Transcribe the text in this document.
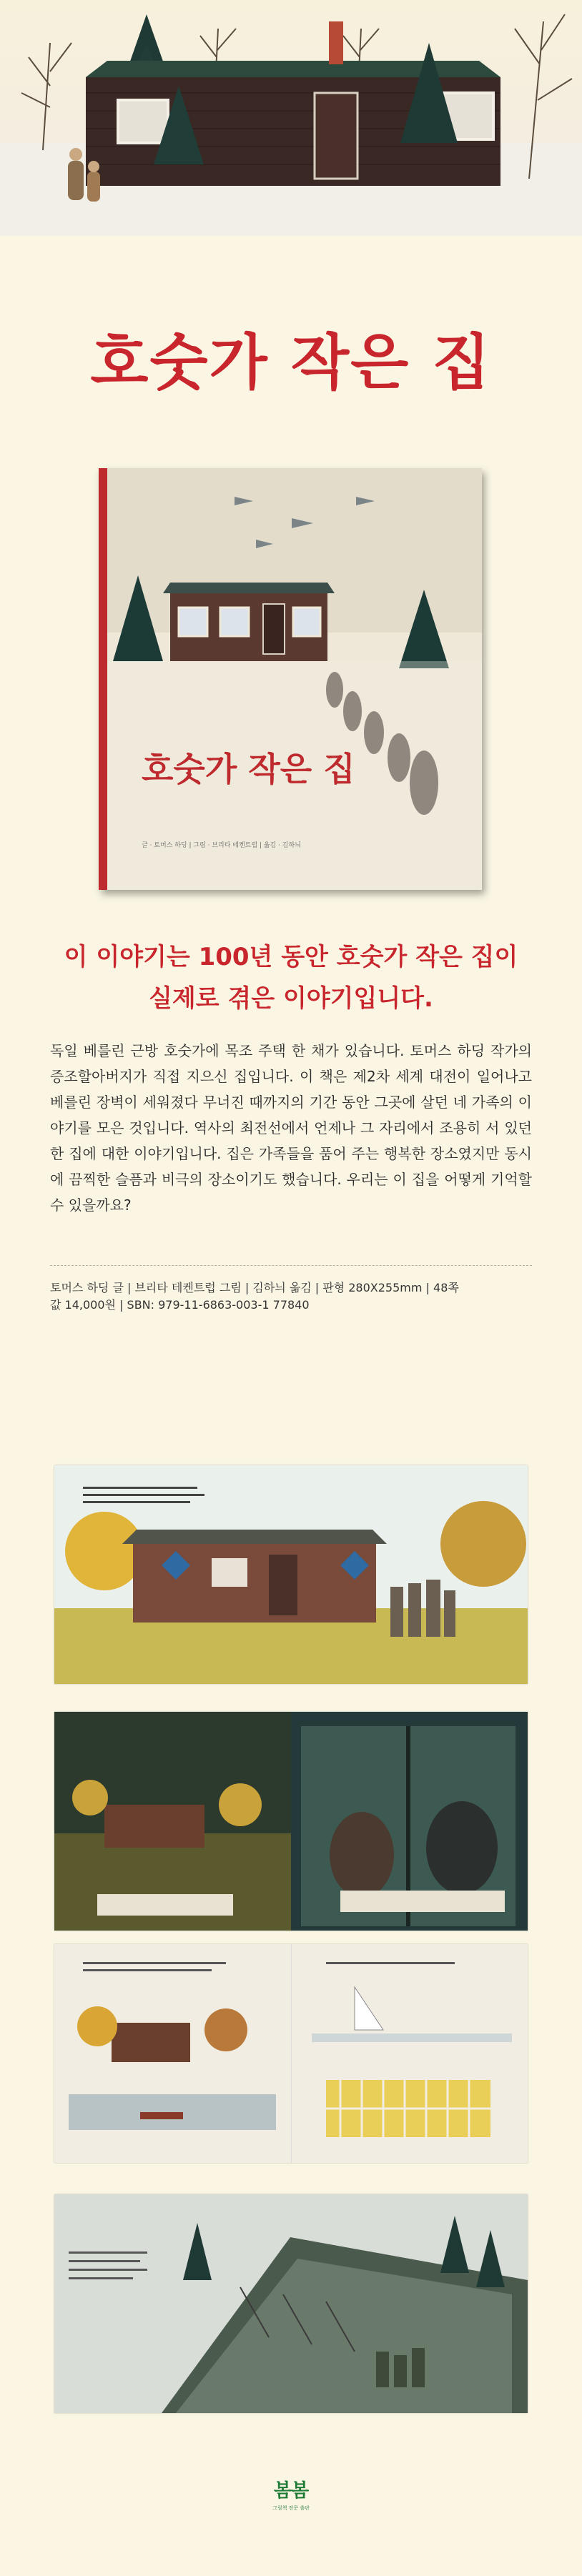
호숫가 작은 집
호숫가 작은 집
글 · 토머스 하딩 | 그림 · 브리타 테켄트럽 | 옮김 · 김하늬
이 이야기는 100년 동안 호숫가 작은 집이
실제로 겪은 이야기입니다.
독일 베를린 근방 호숫가에 목조 주택 한 채가 있습니다. 토머스 하딩 작가의 증조할아버지가 직접 지으신 집입니다. 이 책은 제2차 세계 대전이 일어나고 베를린 장벽이 세워졌다 무너진 때까지의 기간 동안 그곳에 살던 네 가족의 이야기를 모은 것입니다. 역사의 최전선에서 언제나 그 자리에서 조용히 서 있던 한 집에 대한 이야기입니다. 집은 가족들을 품어 주는 행복한 장소였지만 동시에 끔찍한 슬픔과 비극의 장소이기도 했습니다. 우리는 이 집을 어떻게 기억할 수 있을까요?
토머스 하딩 글 | 브리타 테켄트럽 그림 | 김하늬 옮김 | 판형 280X255mm | 48쪽
값 14,000원 | SBN: 979-11-6863-003-1 77840
봄봄
그림책 전문 출판
